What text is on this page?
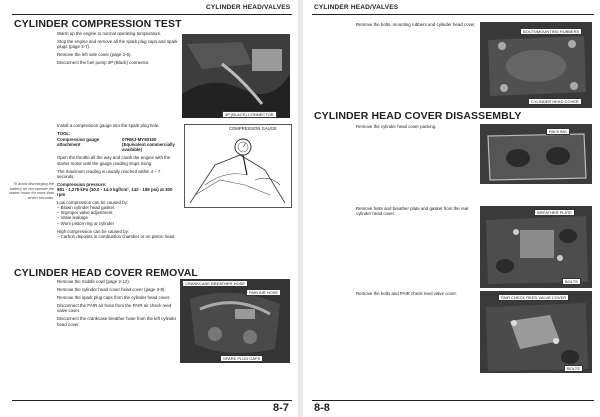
CYLINDER HEAD/VALVES
CYLINDER COMPRESSION TEST

Warm up the engine to normal operating temperature.

Stop the engine and remove all the spark plug caps and spark plugs (page 3-7).

Remove the left side cover (page 2-6).

Disconnect the fuel pump 3P (Black) connector.

3P (BLACK) CONNECTOR

Install a compression gauge into the spark plug hole.

TOOL:
Compression gauge attachment
07RMJ-MY50100
(Equivalent commercially available)

Open the throttle all the way and crank the engine with the starter motor until the gauge reading stops rising.

The maximum reading is usually reached within 4 – 7 seconds.

Compression pressure:

981 - 1,275 kPa (10.0 - 14.0 kgf/cm², 142 - 199 psi) at 300 rpm

Low compression can be caused by:
– Blown cylinder head gasket
– Improper valve adjustment
– Valve leakage
– Worn piston ring or cylinder
High compression can be caused by:
– Carbon deposits in combustion chamber or on piston head
To avoid discharging the battery, do not operate the starter motor for more than seven seconds.
COMPRESSION GAUGE
CYLINDER HEAD COVER REMOVAL

Remove the middle cowl (page 2-12).

Remove the cylinder head cover head cover (page 3-8).

Remove the spark plug caps from the cylinder head cover.

Disconnect the PAIR air hose from the PAIR air check reed valve cover.

Disconnect the crankcase breather hose from the left cylinder head cover.

CRANKCASE BREATHER HOSE
PAIR AIR HOSE
SPARK PLUG CAPS
8-7
CYLINDER HEAD/VALVES

Remove the bolts, mounting rubbers and cylinder head cover.

BOLTS/MOUNTING RUBBERS
CYLINDER HEAD COVER
CYLINDER HEAD COVER DISASSEMBLY

Remove the cylinder head cover packing.

PACKING

Remove bolts and breather plate and gasket from the rear cylinder head cover.	BREATHER PLATE
BOLTS

Remove the bolts and PAIR check reed valve cover.

PAIR CHECK REED VALVE COVER
BOLTS
8-8
